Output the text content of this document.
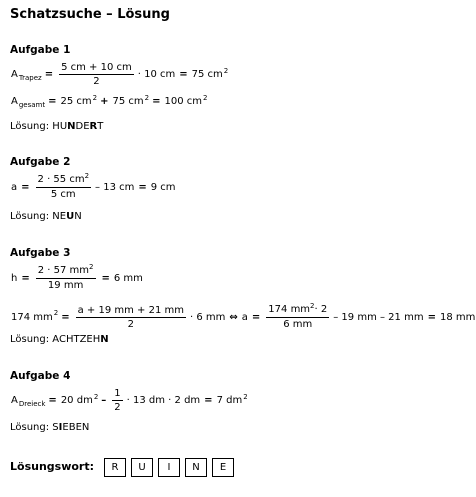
Schatzsuche – Lösung
Aufgabe 1
A Trapez = $\frac{5 cm + 10 cm}{2} \cdot 10$ cm = 75 cm 2
A gesamt = 25 cm 2 + 75 cm 2 = 100 cm 2
Lösung: HUNDERT
Aufgabe 2
$a = \frac{2 \cdot 55 cm^2}{5 cm} - 13$ cm = 9 cm
Lösung: NEUN
Aufgabe 3
$h = \frac{2 \cdot 57 mm^2}{19 mm} = 6$ mm
174 mm $2 = \frac{a + 19 mm + 21 mm}{2} \cdot 6$ mm ⇔ $a = \frac{174 mm^2\cdot 2}{6 mm} - 19$ mm – 21 mm = 18 mm
Lösung: ACHTZEHN
Aufgabe 4
A Dreieck = 20 dm $2 - \frac{1}{2} \cdot 13$ dm · 2 dm = 7 dm 2
Lösung: SIEBEN
Lösungswort:	R	U	I	N	E
